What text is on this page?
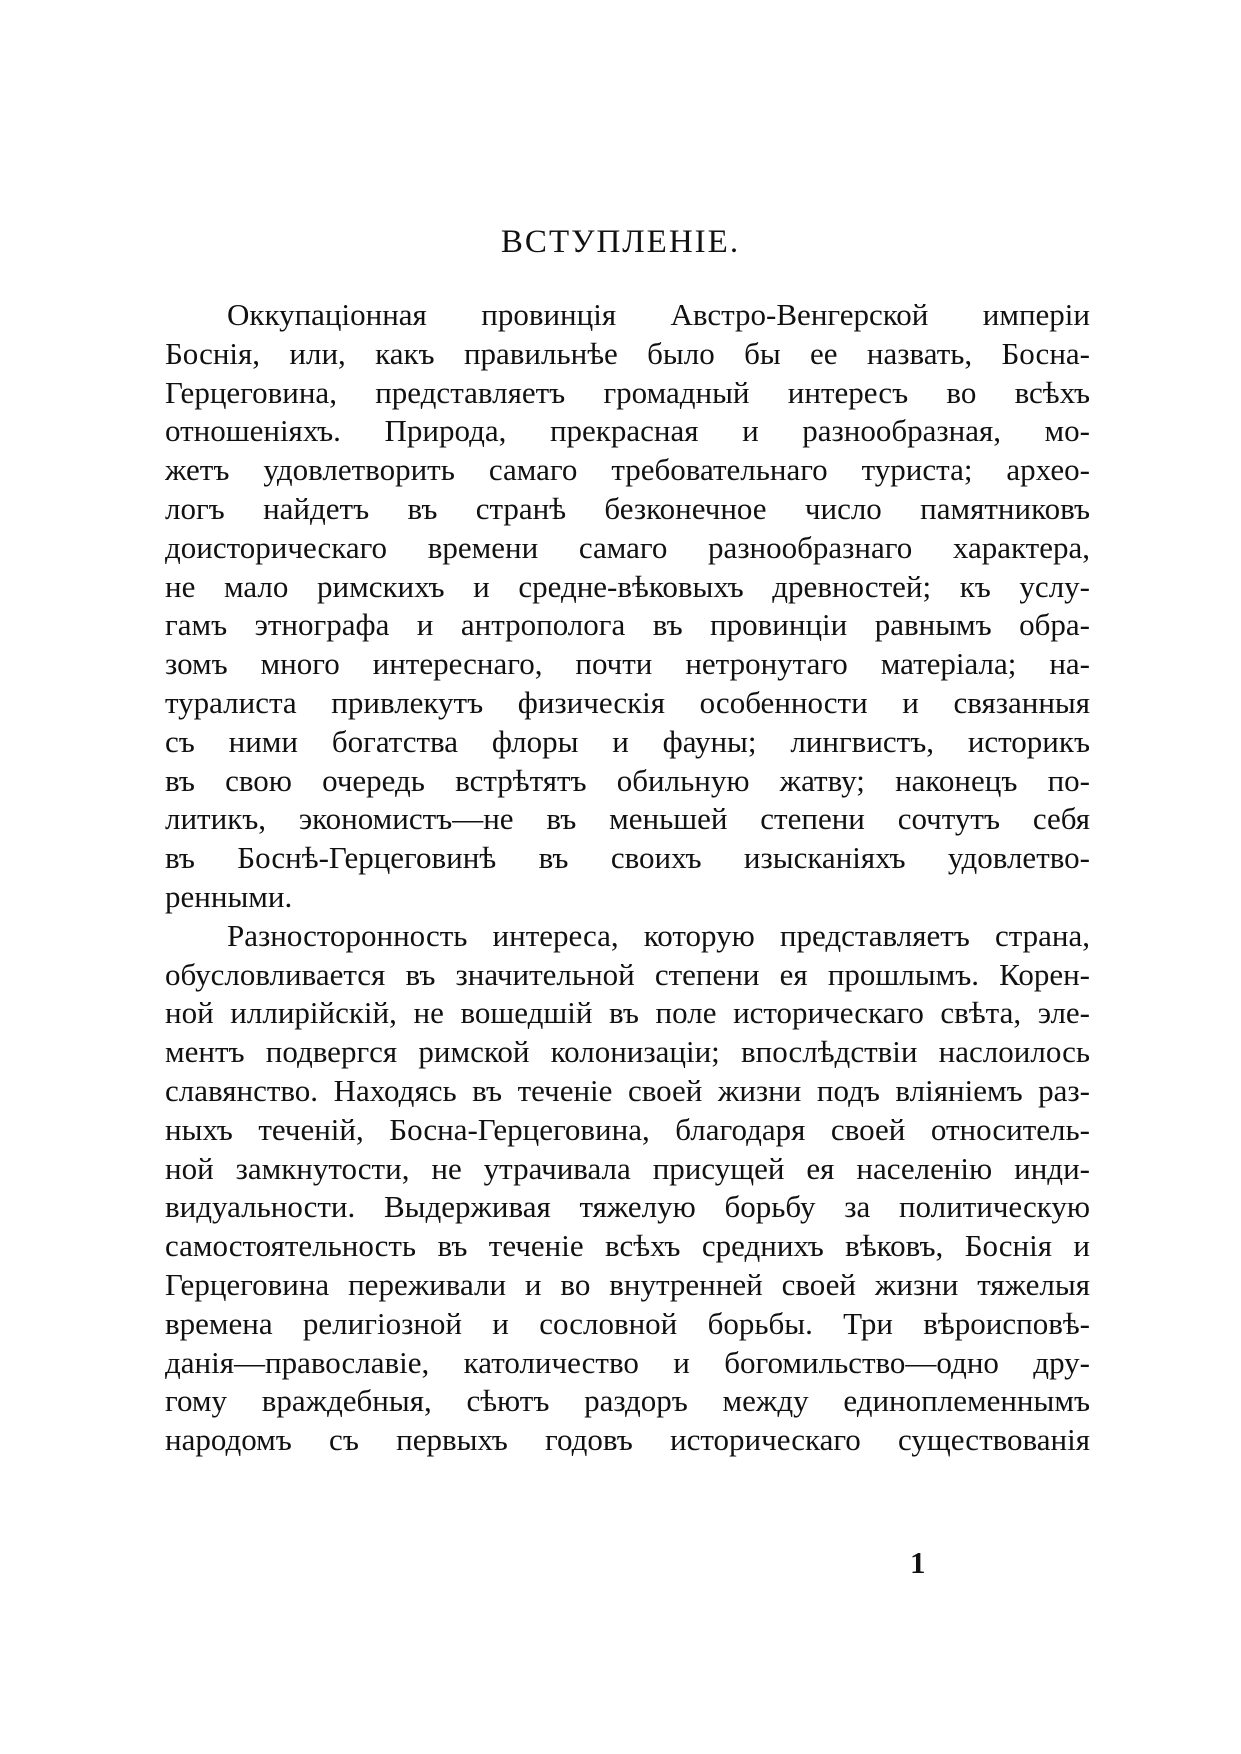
ВСТУПЛЕНІЕ.

Оккупаціонная провинція Австро-Венгерской имперіи
Боснія, или, какъ правильнѣе было бы ее назвать, Босна-
Герцеговина, представляетъ громадный интересъ во всѣхъ
отношеніяхъ. Природа, прекрасная и разнообразная, мо-
жетъ удовлетворить самаго требовательнаго туриста; археo-
логъ найдетъ въ странѣ безконечное число памятниковъ
доисторическаго времени самаго разнообразнаго характера,
не мало римскихъ и средне-вѣковыхъ древностей; къ услу-
гамъ этнографа и антрополога въ провинціи равнымъ обра-
зомъ много интереснаго, почти нетронутаго матеріала; на-
туралиста привлекутъ физическія особенности и связанныя
съ ними богатства флоры и фауны; лингвистъ, историкъ
въ свою очередь встрѣтятъ обильную жатву; наконецъ по-
литикъ, экономистъ—не въ меньшей степени сочтутъ себя
въ Боснѣ-Герцеговинѣ въ своихъ изысканіяхъ удовлетво-
ренными.

Разносторонность интереса, которую представляетъ страна,
обусловливается въ значительной степени ея прошлымъ. Корен-
ной иллирійскій, не вошедшій въ поле историческаго свѣта, эле-
ментъ подвергся римской колонизаціи; впослѣдствіи наслоилось
славянство. Находясь въ теченіе своей жизни подъ вліяніемъ раз-
ныхъ теченій, Босна-Герцеговина, благодаря своей относитель-
ной замкнутости, не утрачивала присущей ея населенію инди-
видуальности. Выдерживая тяжелую борьбу за политическую
самостоятельность въ теченіе всѣхъ среднихъ вѣковъ, Боснія и
Герцеговина переживали и во внутренней своей жизни тяжелыя
времена религіозной и сословной борьбы. Три вѣроисповѣ-
данія—православіе, католичество и богомильство—одно дру-
гому враждебныя, сѣютъ раздоръ между единоплеменнымъ
народомъ съ первыхъ годовъ историческаго существованія

1
